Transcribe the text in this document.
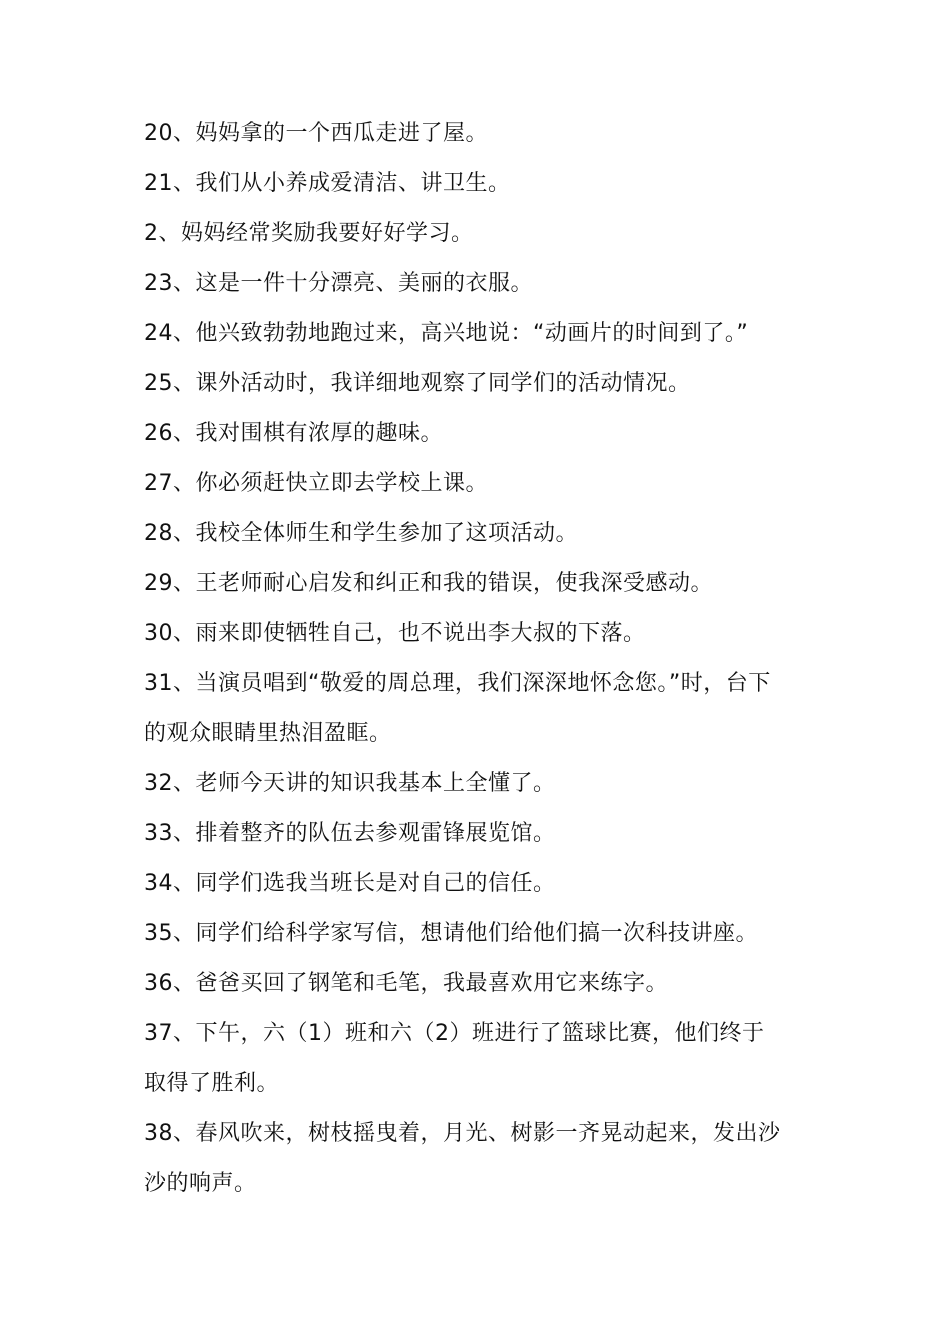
20、妈妈拿的一个西瓜走进了屋。
21、我们从小养成爱清洁、讲卫生。
2、妈妈经常奖励我要好好学习。
23、这是一件十分漂亮、美丽的衣服。
24、他兴致勃勃地跑过来，高兴地说：“动画片的时间到了。”
25、课外活动时，我详细地观察了同学们的活动情况。
26、我对围棋有浓厚的趣味。
27、你必须赶快立即去学校上课。
28、我校全体师生和学生参加了这项活动。
29、王老师耐心启发和纠正和我的错误，使我深受感动。
30、雨来即使牺牲自己，也不说出李大叔的下落。
31、当演员唱到“敬爱的周总理，我们深深地怀念您。”时，台下
的观众眼睛里热泪盈眶。
32、老师今天讲的知识我基本上全懂了。
33、排着整齐的队伍去参观雷锋展览馆。
34、同学们选我当班长是对自己的信任。
35、同学们给科学家写信，想请他们给他们搞一次科技讲座。
36、爸爸买回了钢笔和毛笔，我最喜欢用它来练字。
37、下午，六（1）班和六（2）班进行了篮球比赛，他们终于
取得了胜利。
38、春风吹来，树枝摇曳着，月光、树影一齐晃动起来，发出沙
沙的响声。
